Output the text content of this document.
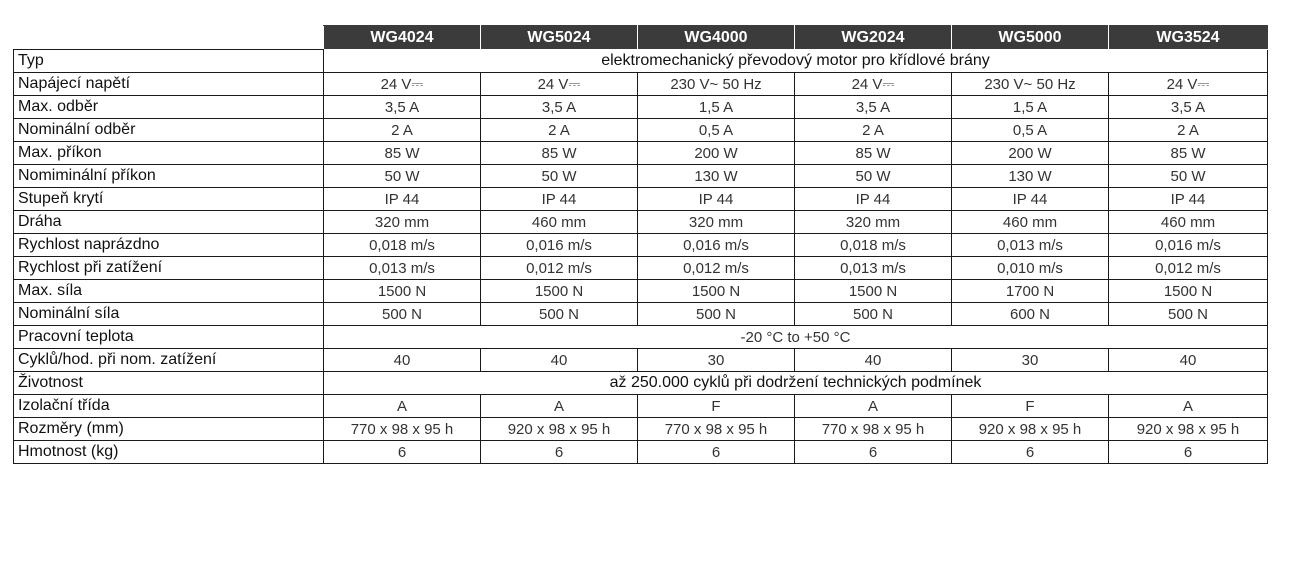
	WG4024	WG5024	WG4000	WG2024	WG5000	WG3524
Typ	elektromechanický převodový motor pro křídlové brány					
Napájecí napětí	24 V⎓	24 V⎓	230 V~ 50 Hz	24 V⎓	230 V~ 50 Hz	24 V⎓
Max. odběr	3,5 A	3,5 A	1,5 A	3,5 A	1,5 A	3,5 A
Nominální odběr	2 A	2 A	0,5 A	2 A	0,5 A	2 A
Max. příkon	85 W	85 W	200 W	85 W	200 W	85 W
Nomiminální příkon	50 W	50 W	130 W	50 W	130 W	50 W
Stupeň krytí	IP 44	IP 44	IP 44	IP 44	IP 44	IP 44
Dráha	320 mm	460 mm	320 mm	320 mm	460 mm	460 mm
Rychlost naprázdno	0,018 m/s	0,016 m/s	0,016 m/s	0,018 m/s	0,013 m/s	0,016 m/s
Rychlost při zatížení	0,013 m/s	0,012 m/s	0,012 m/s	0,013 m/s	0,010 m/s	0,012 m/s
Max. síla	1500 N	1500 N	1500 N	1500 N	1700 N	1500 N
Nominální síla	500 N	500 N	500 N	500 N	600 N	500 N
Pracovní teplota	-20 °C to +50 °C					
Cyklů/hod. při nom. zatížení	40	40	30	40	30	40
Životnost	až 250.000 cyklů při dodržení technických podmínek					
Izolační třída	A	A	F	A	F	A
Rozměry (mm)	770 x 98 x 95 h	920 x 98 x 95 h	770 x 98 x 95 h	770 x 98 x 95 h	920 x 98 x 95 h	920 x 98 x 95 h
Hmotnost (kg)	6	6	6	6	6	6
